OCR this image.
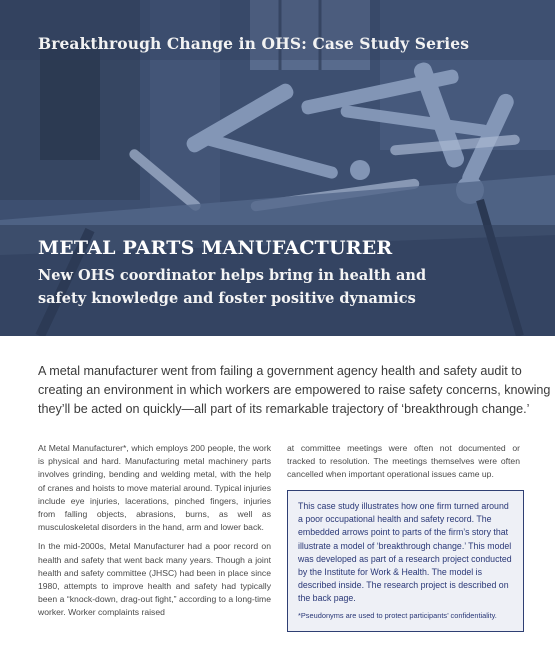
Breakthrough Change in OHS: Case Study Series
METAL PARTS MANUFACTURER

New OHS coordinator helps bring in health and
safety knowledge and foster positive dynamics

A metal manufacturer went from failing a government agency health and safety audit to
creating an environment in which workers are empowered to raise safety concerns, knowing
they’ll be acted on quickly—all part of its remarkable trajectory of ‘breakthrough change.’

At Metal Manufacturer*, which employs 200 people, the work is physical and hard. Manufacturing metal machinery parts involves grinding, bending and welding metal, with the help of cranes and hoists to move material around. Typical injuries include eye injuries, lacerations, pinched fingers, injuries from falling objects, abrasions, burns, as well as musculoskeletal disorders in the hand, arm and lower back.

In the mid-2000s, Metal Manufacturer had a poor record on health and safety that went back many years. Though a joint health and safety committee (JHSC) had been in place since 1980, attempts to improve health and safety had typically been a “knock-down, drag-out fight,” according to a long-time worker. Worker complaints raised

at committee meetings were often not documented or tracked to resolution. The meetings themselves were often cancelled when important operational issues came up.

This case study illustrates how one firm turned around a poor occupational health and safety record. The embedded arrows point to parts of the firm’s story that illustrate a model of ‘breakthrough change.’ This model was developed as part of a research project conducted by the Institute for Work & Health. The model is described inside. The research project is described on the back page.

*Pseudonyms are used to protect participants’ confidentiality.
